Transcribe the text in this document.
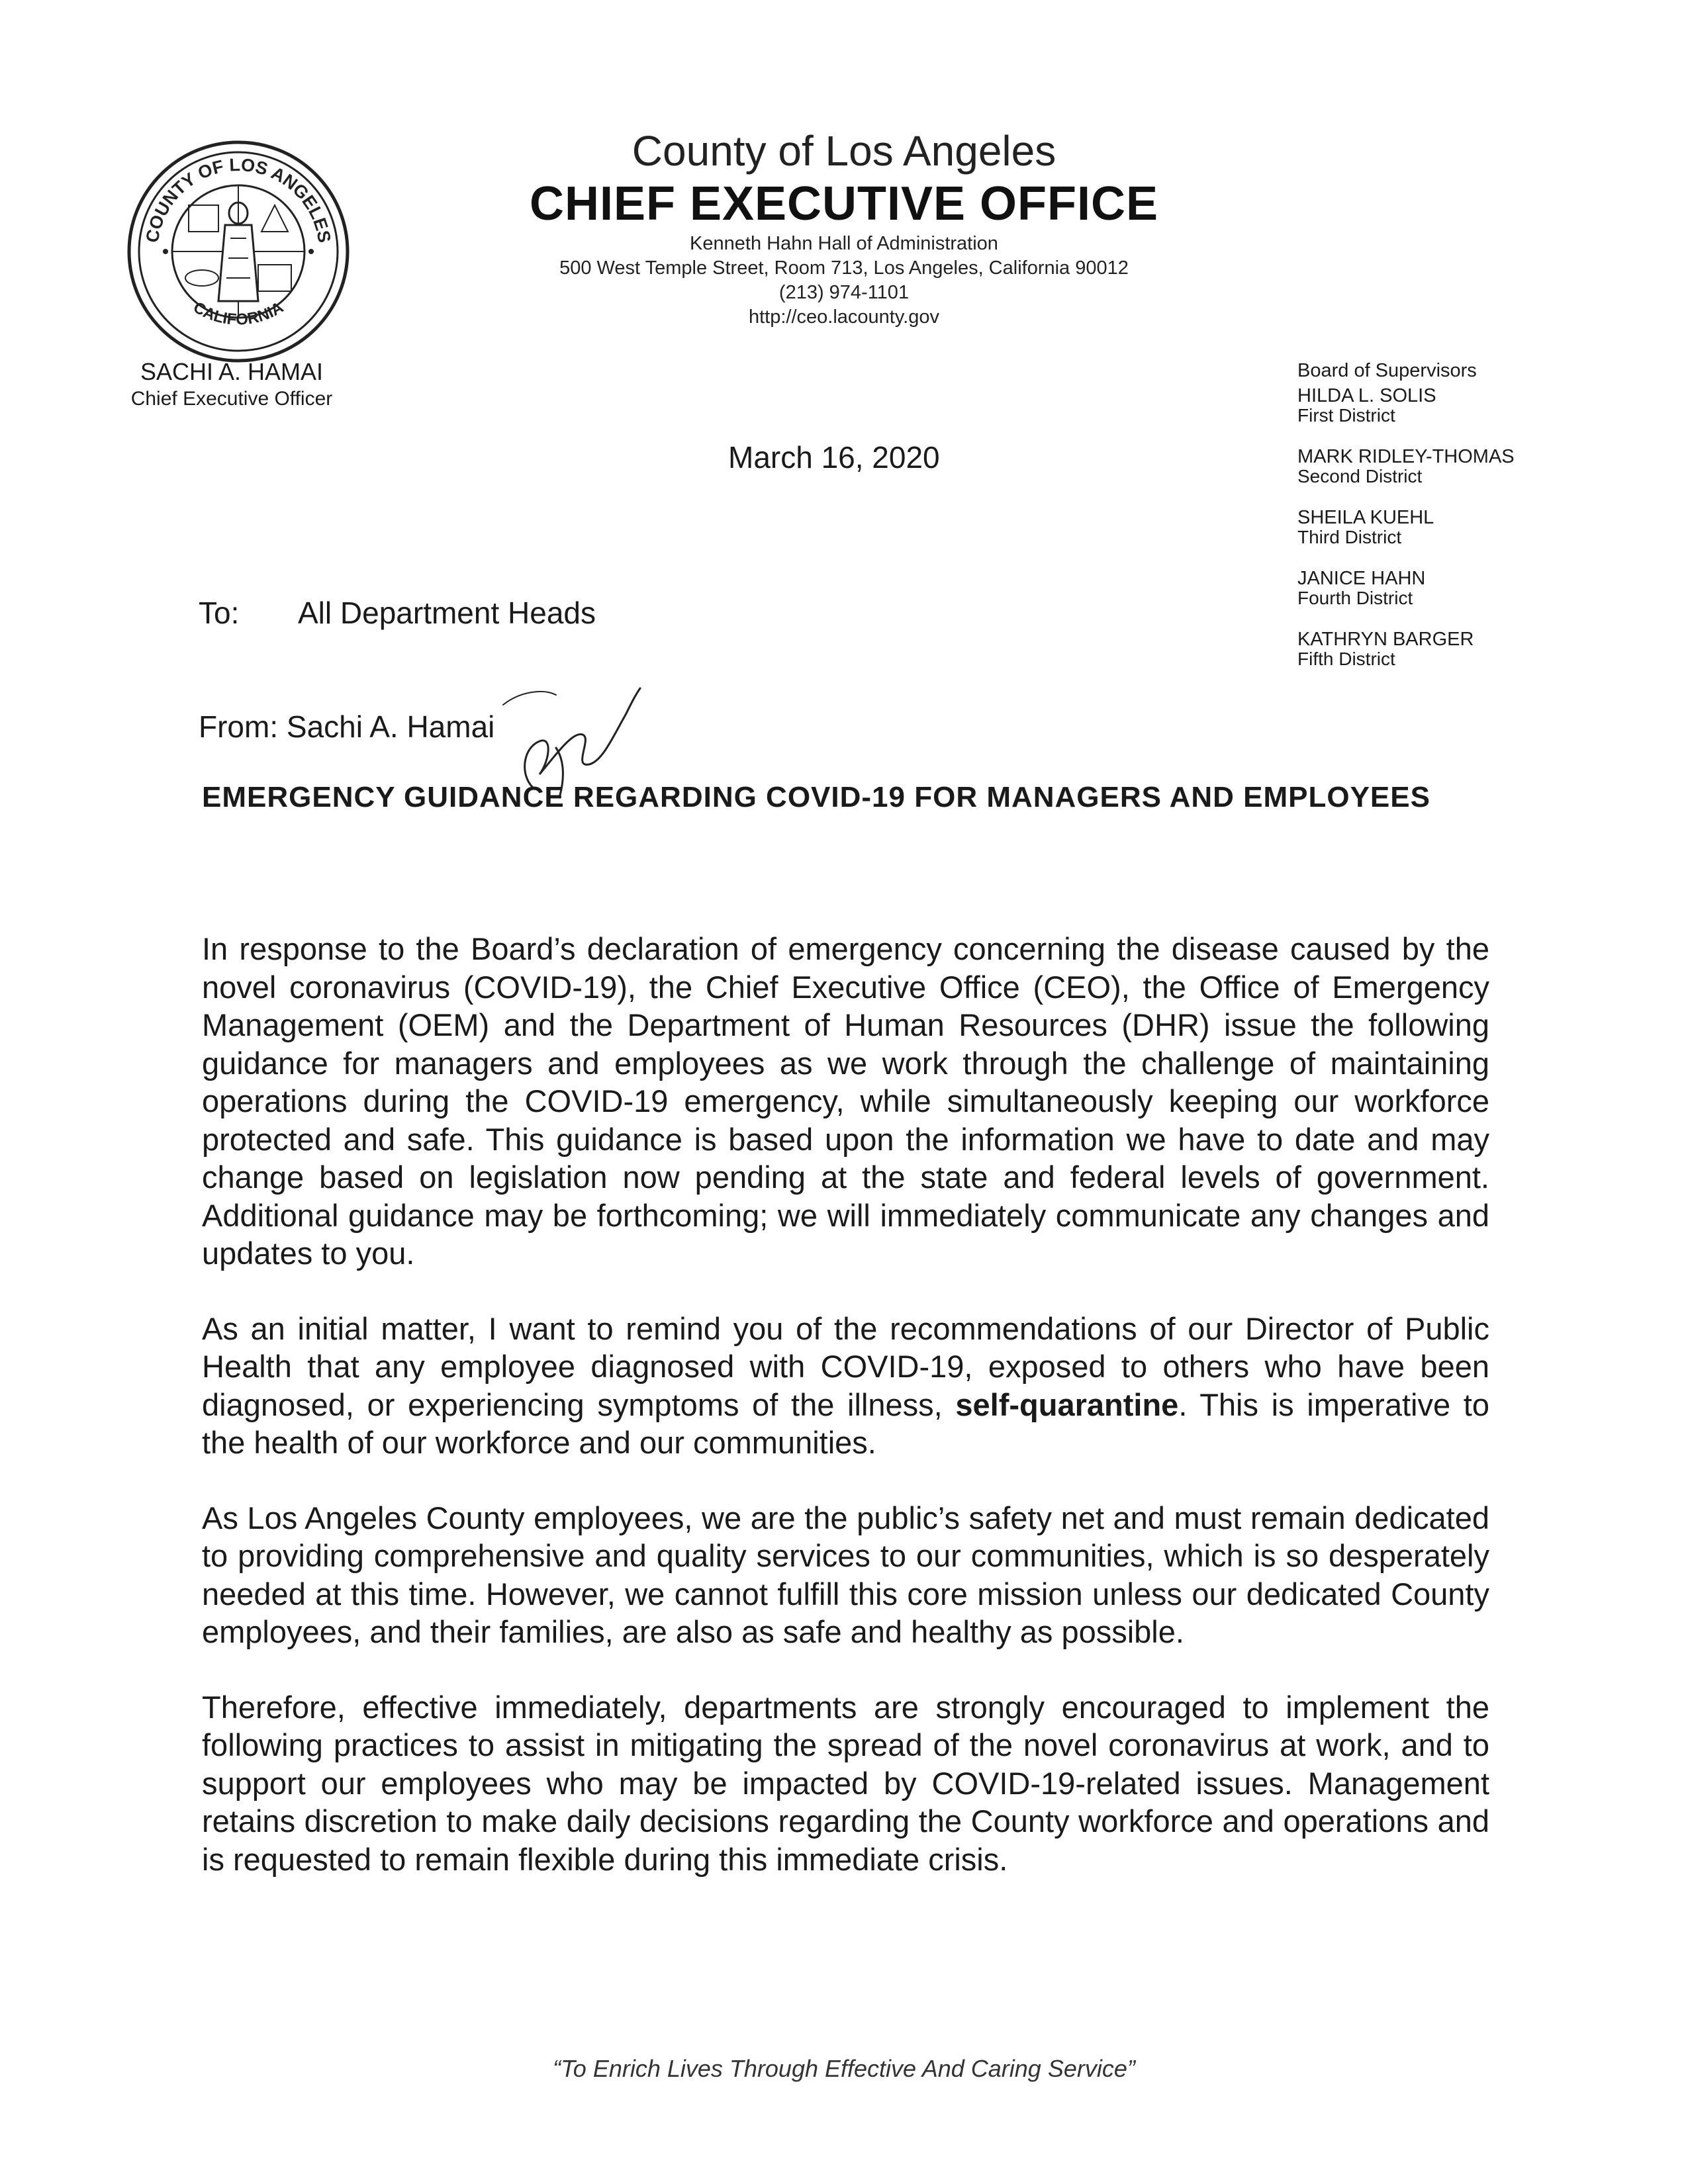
COUNTY OF LOS ANGELES
CALIFORNIA
County of Los Angeles
CHIEF EXECUTIVE OFFICE
Kenneth Hahn Hall of Administration
500 West Temple Street, Room 713, Los Angeles, California 90012
(213) 974-1101
http://ceo.lacounty.gov
SACHI A. HAMAI
Chief Executive Officer
March 16, 2020
Board of Supervisors
HILDA L. SOLIS
First District
MARK RIDLEY-THOMAS
Second District
SHEILA KUEHL
Third District
JANICE HAHN
Fourth District
KATHRYN BARGER
Fifth District
To: All Department Heads
From: Sachi A. Hamai
EMERGENCY GUIDANCE REGARDING COVID-19 FOR MANAGERS AND EMPLOYEES

In response to the Board’s declaration of emergency concerning the disease caused by the novel coronavirus (COVID-19), the Chief Executive Office (CEO), the Office of Emergency Management (OEM) and the Department of Human Resources (DHR) issue the following guidance for managers and employees as we work through the challenge of maintaining operations during the COVID-19 emergency, while simultaneously keeping our workforce protected and safe. This guidance is based upon the information we have to date and may change based on legislation now pending at the state and federal levels of government. Additional guidance may be forthcoming; we will immediately communicate any changes and updates to you.

As an initial matter, I want to remind you of the recommendations of our Director of Public Health that any employee diagnosed with COVID-19, exposed to others who have been diagnosed, or experiencing symptoms of the illness, self-quarantine. This is imperative to the health of our workforce and our communities.

As Los Angeles County employees, we are the public’s safety net and must remain dedicated to providing comprehensive and quality services to our communities, which is so desperately needed at this time. However, we cannot fulfill this core mission unless our dedicated County employees, and their families, are also as safe and healthy as possible.

Therefore, effective immediately, departments are strongly encouraged to implement the following practices to assist in mitigating the spread of the novel coronavirus at work, and to support our employees who may be impacted by COVID-19-related issues. Management retains discretion to make daily decisions regarding the County workforce and operations and is requested to remain flexible during this immediate crisis.

“To Enrich Lives Through Effective And Caring Service”
